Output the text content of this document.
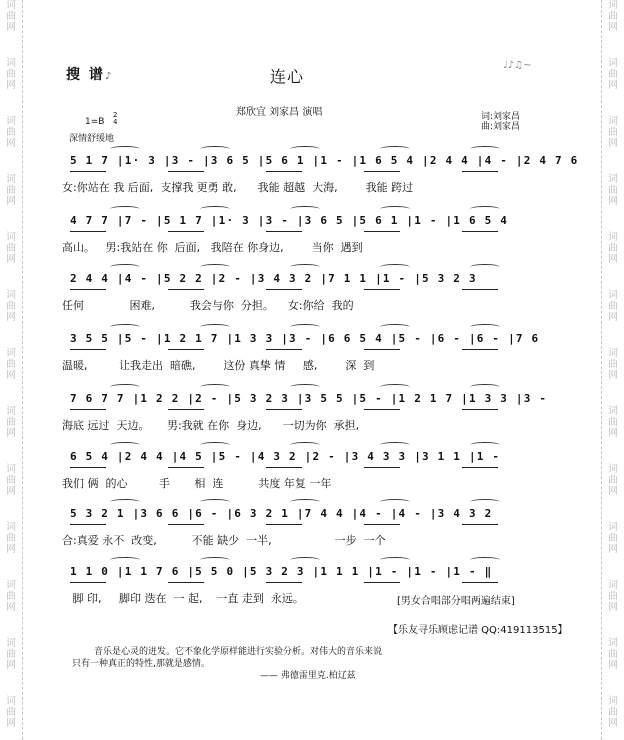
词
曲
网
词
曲
网
词
曲
网
词
曲
网
词
曲
网
词
曲
网
词
曲
网
词
曲
网
词
曲
网
词
曲
网
词
曲
网
词
曲
网
词
曲
网
词
曲
网
词
曲
网
词
曲
网
词
曲
网
词
曲
网
词
曲
网
词
曲
网
词
曲
网
词
曲
网
词
曲
网
词
曲
网
词
曲
网
词
曲
网
搜 谱♪	连心
♩♪♫~
郑欣宜 刘家昌 演唱	词:刘家昌
曲:刘家昌
1=B
2
4
深情舒缓地
5 1 7 |1· 3 |3 - |3 6 5 |5 6 1 |1 - |1 6 5 4 |2 4 4 |4 - |2 4 7 6
女:你站在 我 后面,  支撑我 更勇 敢,      我能 超越  大海,        我能 跨过
4 7 7 |7 - |5 1 7 |1· 3 |3 - |3 6 5 |5 6 1 |1 - |1 6 5 4
高山。   男:我站在 你  后面,   我陪在 你身边,        当你  遇到
2 4 4 |4 - |5 2 2 |2 - |3 4 3 2 |7 1 1 |1 - |5 3 2 3
任何             困难,          我会与你  分担。    女:你给  我的
3 5 5 |5 - |1 2 1 7 |1 3 3 |3 - |6 6 5 4 |5 - |6 - |6 - |7 6
温暖,         让我走出  暗礁,        这份 真挚 情     感,        深  到
7 6 7 7 |1 2 2 |2 - |5 3 2 3 |3 5 5 |5 - |1 2 1 7 |1 3 3 |3 -
海底 远过  天边。     男:我就 在你  身边,      一切为你  承担,
6 5 4 |2 4 4 |4 5 |5 - |4 3 2 |2 - |3 4 3 3 |3 1 1 |1 -
我们 俩  的心         手       相  连          共度 年复 一年
5 3 2 1 |3 6 6 |6 - |6 3 2 1 |7 4 4 |4 - |4 - |3 4 3 2
合:真爱 永不  改变,          不能 缺少  一半,                  一步  一个
1 1 0 |1 1 7 6 |5 5 0 |5 3 2 3 |1 1 1 |1 - |1 - |1 - ‖
脚 印,     脚印 迭在  一 起,    一直 走到  永远。	[男女合唱部分唱两遍结束]
【乐友寻乐顾虑记谱 QQ:419113515】
音乐是心灵的迸发。它不象化学原样能进行实验分析。对伟大的音乐来说
只有一种真正的特性,那就是感情。
—— 弗德雷里克.柏辽兹
